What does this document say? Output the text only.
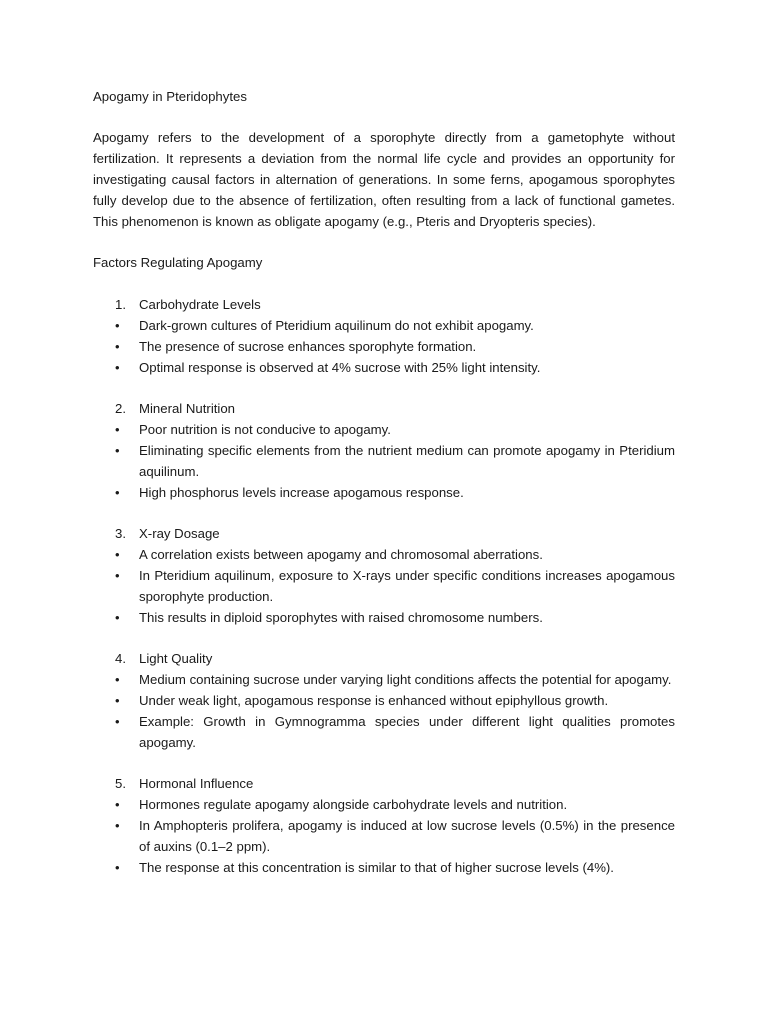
Apogamy in Pteridophytes
Apogamy refers to the development of a sporophyte directly from a gametophyte without fertilization. It represents a deviation from the normal life cycle and provides an opportunity for investigating causal factors in alternation of generations. In some ferns, apogamous sporophytes fully develop due to the absence of fertilization, often resulting from a lack of functional gametes. This phenomenon is known as obligate apogamy (e.g., Pteris and Dryopteris species).
Factors Regulating Apogamy
1. Carbohydrate Levels
•	Dark-grown cultures of Pteridium aquilinum do not exhibit apogamy.
•	The presence of sucrose enhances sporophyte formation.
•	Optimal response is observed at 4% sucrose with 25% light intensity.
2. Mineral Nutrition
•	Poor nutrition is not conducive to apogamy.
•	Eliminating specific elements from the nutrient medium can promote apogamy in Pteridium aquilinum.
•	High phosphorus levels increase apogamous response.
3. X-ray Dosage
•	A correlation exists between apogamy and chromosomal aberrations.
•	In Pteridium aquilinum, exposure to X-rays under specific conditions increases apogamous sporophyte production.
•	This results in diploid sporophytes with raised chromosome numbers.
4. Light Quality
•	Medium containing sucrose under varying light conditions affects the potential for apogamy.
•	Under weak light, apogamous response is enhanced without epiphyllous growth.
•	Example: Growth in Gymnogramma species under different light qualities promotes apogamy.
5. Hormonal Influence
•	Hormones regulate apogamy alongside carbohydrate levels and nutrition.
•	In Amphopteris prolifera, apogamy is induced at low sucrose levels (0.5%) in the presence of auxins (0.1–2 ppm).
•	The response at this concentration is similar to that of higher sucrose levels (4%).
